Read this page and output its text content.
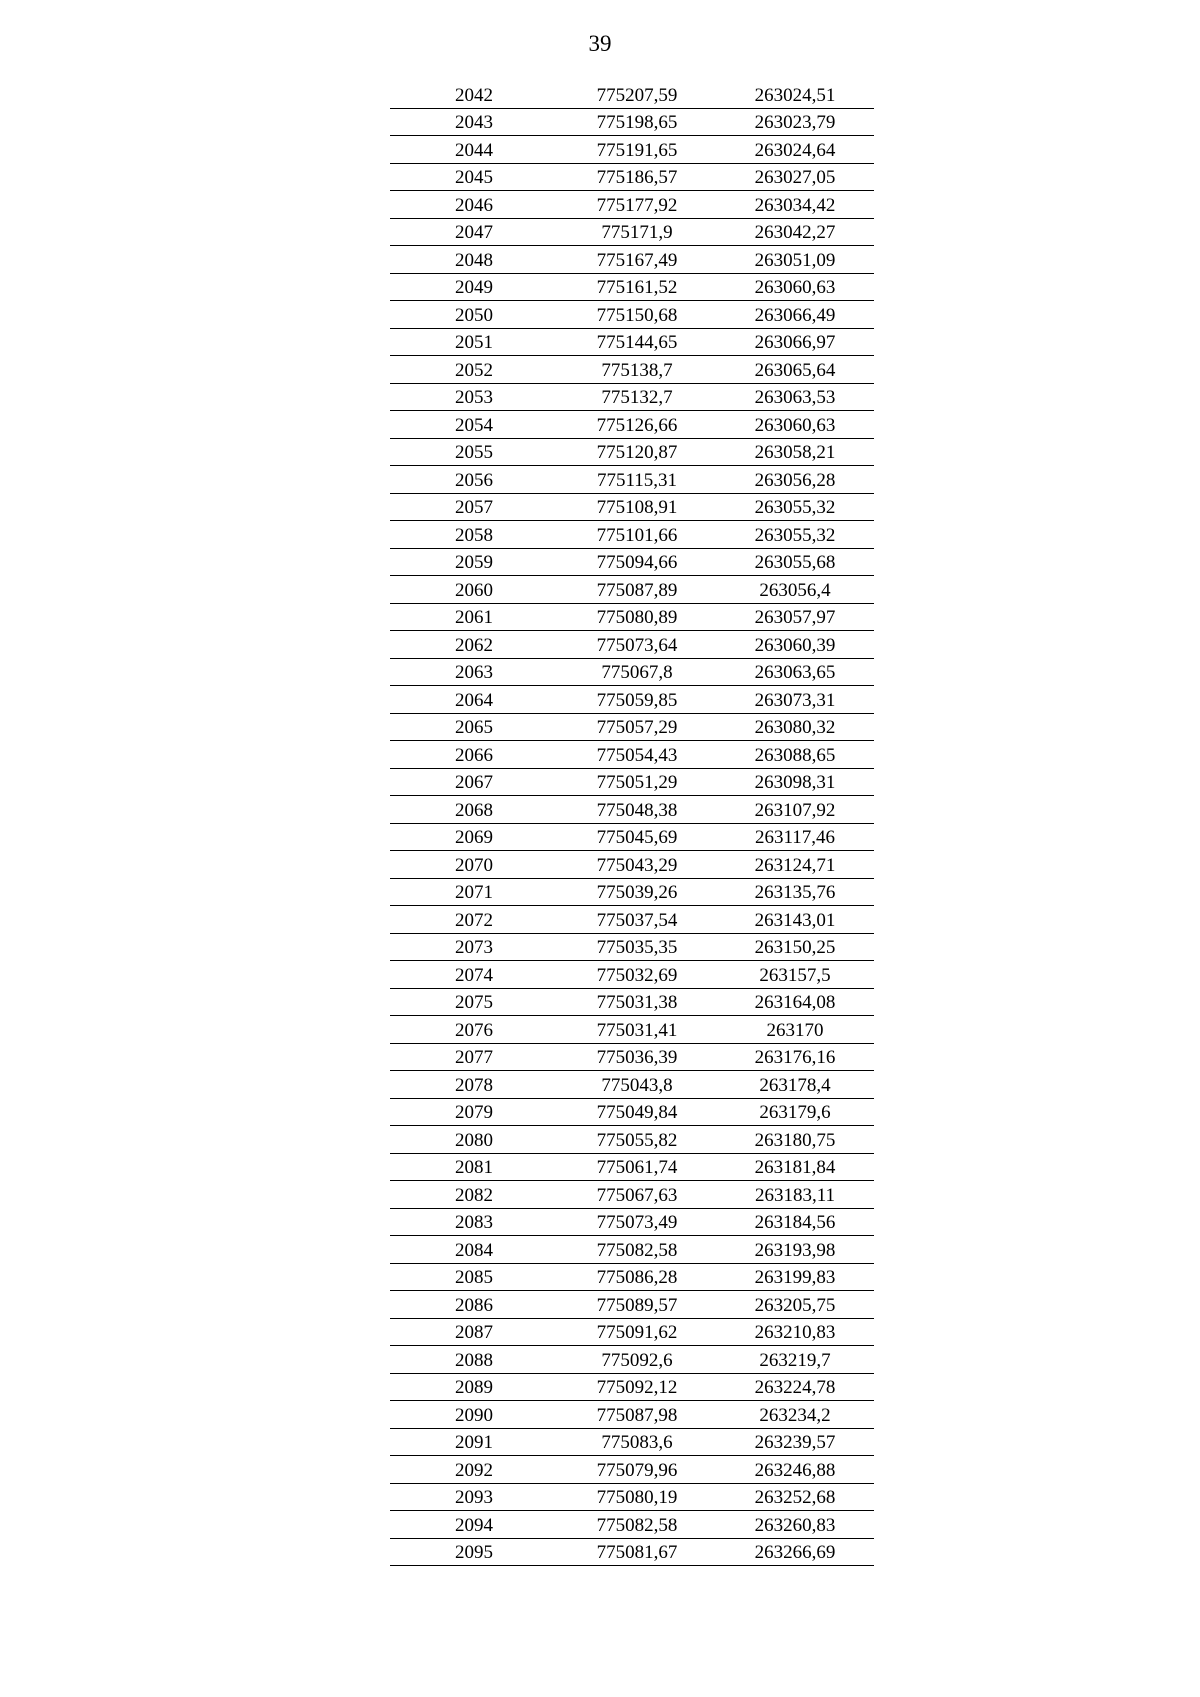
39
2042	775207,59	263024,51
2043	775198,65	263023,79
2044	775191,65	263024,64
2045	775186,57	263027,05
2046	775177,92	263034,42
2047	775171,9	263042,27
2048	775167,49	263051,09
2049	775161,52	263060,63
2050	775150,68	263066,49
2051	775144,65	263066,97
2052	775138,7	263065,64
2053	775132,7	263063,53
2054	775126,66	263060,63
2055	775120,87	263058,21
2056	775115,31	263056,28
2057	775108,91	263055,32
2058	775101,66	263055,32
2059	775094,66	263055,68
2060	775087,89	263056,4
2061	775080,89	263057,97
2062	775073,64	263060,39
2063	775067,8	263063,65
2064	775059,85	263073,31
2065	775057,29	263080,32
2066	775054,43	263088,65
2067	775051,29	263098,31
2068	775048,38	263107,92
2069	775045,69	263117,46
2070	775043,29	263124,71
2071	775039,26	263135,76
2072	775037,54	263143,01
2073	775035,35	263150,25
2074	775032,69	263157,5
2075	775031,38	263164,08
2076	775031,41	263170
2077	775036,39	263176,16
2078	775043,8	263178,4
2079	775049,84	263179,6
2080	775055,82	263180,75
2081	775061,74	263181,84
2082	775067,63	263183,11
2083	775073,49	263184,56
2084	775082,58	263193,98
2085	775086,28	263199,83
2086	775089,57	263205,75
2087	775091,62	263210,83
2088	775092,6	263219,7
2089	775092,12	263224,78
2090	775087,98	263234,2
2091	775083,6	263239,57
2092	775079,96	263246,88
2093	775080,19	263252,68
2094	775082,58	263260,83
2095	775081,67	263266,69
